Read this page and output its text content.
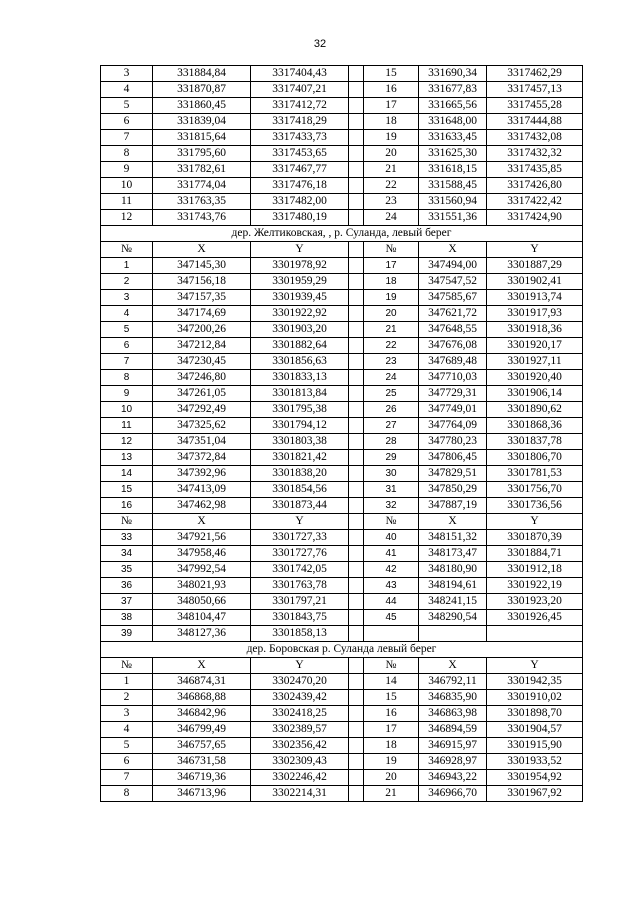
32
3	331884,84	3317404,43		15	331690,34	3317462,29
4	331870,87	3317407,21		16	331677,83	3317457,13
5	331860,45	3317412,72		17	331665,56	3317455,28
6	331839,04	3317418,29		18	331648,00	3317444,88
7	331815,64	3317433,73		19	331633,45	3317432,08
8	331795,60	3317453,65		20	331625,30	3317432,32
9	331782,61	3317467,77		21	331618,15	3317435,85
10	331774,04	3317476,18		22	331588,45	3317426,80
11	331763,35	3317482,00		23	331560,94	3317422,42
12	331743,76	3317480,19		24	331551,36	3317424,90
дер. Желтиковская, , р. Суланда, левый берег						
№	X	Y		№	X	Y
1	347145,30	3301978,92		17	347494,00	3301887,29
2	347156,18	3301959,29		18	347547,52	3301902,41
3	347157,35	3301939,45		19	347585,67	3301913,74
4	347174,69	3301922,92		20	347621,72	3301917,93
5	347200,26	3301903,20		21	347648,55	3301918,36
6	347212,84	3301882,64		22	347676,08	3301920,17
7	347230,45	3301856,63		23	347689,48	3301927,11
8	347246,80	3301833,13		24	347710,03	3301920,40
9	347261,05	3301813,84		25	347729,31	3301906,14
10	347292,49	3301795,38		26	347749,01	3301890,62
11	347325,62	3301794,12		27	347764,09	3301868,36
12	347351,04	3301803,38		28	347780,23	3301837,78
13	347372,84	3301821,42		29	347806,45	3301806,70
14	347392,96	3301838,20		30	347829,51	3301781,53
15	347413,09	3301854,56		31	347850,29	3301756,70
16	347462,98	3301873,44		32	347887,19	3301736,56
№	X	Y		№	X	Y
33	347921,56	3301727,33		40	348151,32	3301870,39
34	347958,46	3301727,76		41	348173,47	3301884,71
35	347992,54	3301742,05		42	348180,90	3301912,18
36	348021,93	3301763,78		43	348194,61	3301922,19
37	348050,66	3301797,21		44	348241,15	3301923,20
38	348104,47	3301843,75		45	348290,54	3301926,45
39	348127,36	3301858,13				
дер. Боровская р. Суланда левый берег						
№	X	Y		№	X	Y
1	346874,31	3302470,20		14	346792,11	3301942,35
2	346868,88	3302439,42		15	346835,90	3301910,02
3	346842,96	3302418,25		16	346863,98	3301898,70
4	346799,49	3302389,57		17	346894,59	3301904,57
5	346757,65	3302356,42		18	346915,97	3301915,90
6	346731,58	3302309,43		19	346928,97	3301933,52
7	346719,36	3302246,42		20	346943,22	3301954,92
8	346713,96	3302214,31		21	346966,70	3301967,92
